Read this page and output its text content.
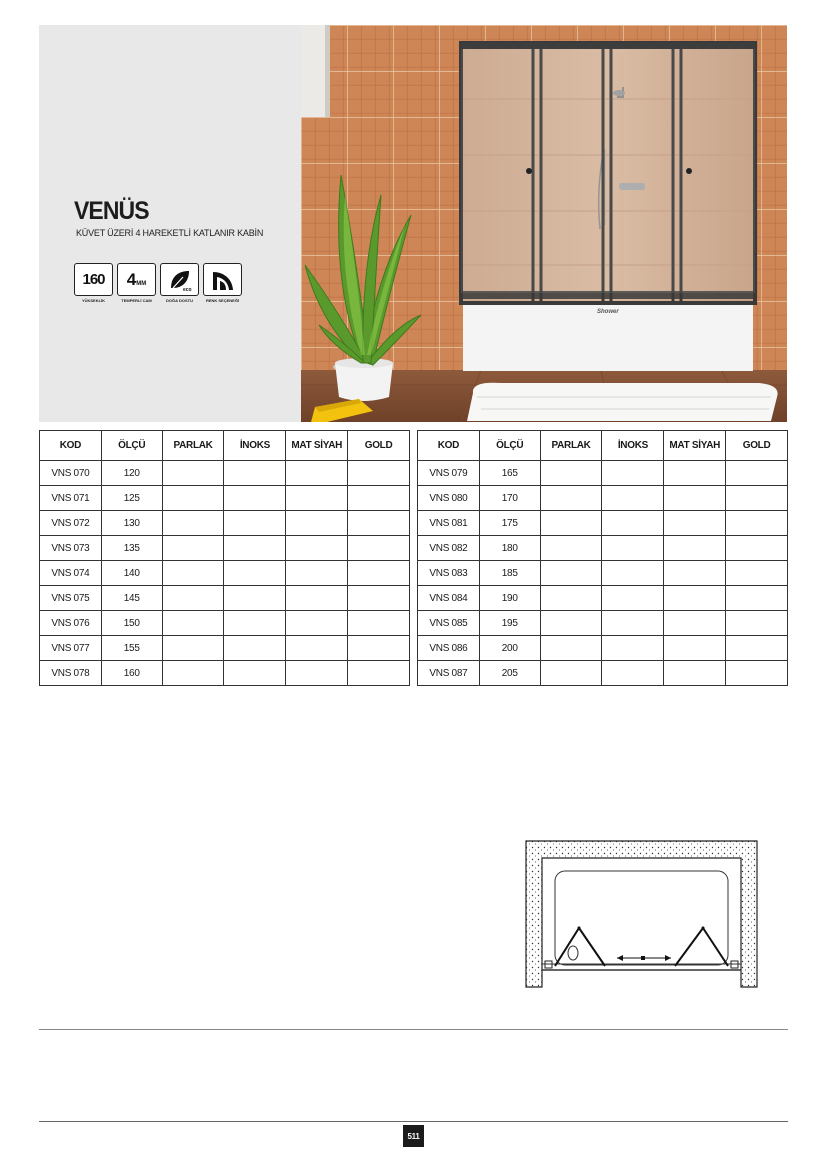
VENÜS
KÜVET ÜZERİ 4 HAREKETLİ KATLANIR KABİN
160
YÜKSEKLİK
4MM
TEMPERLİ CAM
eco
DOĞA DOSTU	RENK SEÇENEĞİ
Shower
KOD	ÖLÇÜ	PARLAK	İNOKS	MAT SİYAH	GOLD
VNS 070	120				
VNS 071	125				
VNS 072	130				
VNS 073	135				
VNS 074	140				
VNS 075	145				
VNS 076	150				
VNS 077	155				
VNS 078	160				
KOD	ÖLÇÜ	PARLAK	İNOKS	MAT SİYAH	GOLD
VNS 079	165				
VNS 080	170				
VNS 081	175				
VNS 082	180				
VNS 083	185				
VNS 084	190				
VNS 085	195				
VNS 086	200				
VNS 087	205				
511
